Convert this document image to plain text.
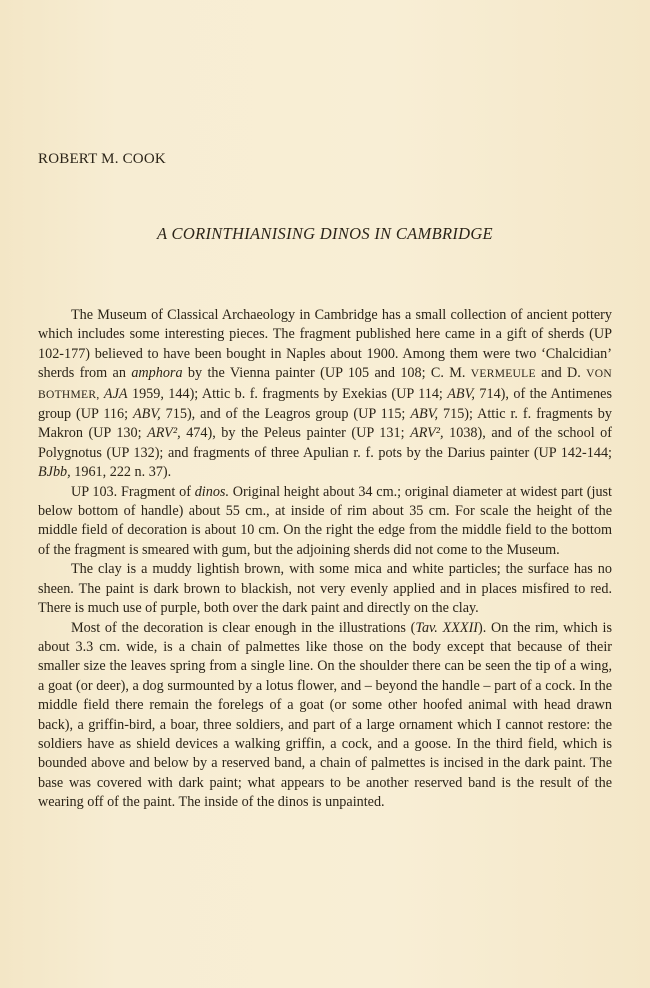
ROBERT M. COOK
A CORINTHIANISING DINOS IN CAMBRIDGE

The Museum of Classical Archaeology in Cambridge has a small collection of ancient pottery which includes some interesting pieces. The fragment published here came in a gift of sherds (UP 102-177) believed to have been bought in Naples about 1900. Among them were two ‘Chalcidian’ sherds from an amphora by the Vienna painter (UP 105 and 108; C. M. VERMEULE and D. VON BOTHMER, AJA 1959, 144); Attic b. f. fragments by Exekias (UP 114; ABV, 714), of the Antimenes group (UP 116; ABV, 715), and of the Leagros group (UP 115; ABV, 715); Attic r. f. fragments by Makron (UP 130; ARV², 474), by the Peleus painter (UP 131; ARV², 1038), and of the school of Polygnotus (UP 132); and fragments of three Apulian r. f. pots by the Darius painter (UP 142-144; BJbb, 1961, 222 n. 37).

UP 103. Fragment of dinos. Original height about 34 cm.; original diameter at widest part (just below bottom of handle) about 55 cm., at inside of rim about 35 cm. For scale the height of the middle field of decoration is about 10 cm. On the right the edge from the middle field to the bottom of the fragment is smeared with gum, but the adjoining sherds did not come to the Museum.

The clay is a muddy lightish brown, with some mica and white particles; the surface has no sheen. The paint is dark brown to blackish, not very evenly applied and in places misfired to red. There is much use of purple, both over the dark paint and directly on the clay.

Most of the decoration is clear enough in the illustrations (Tav. XXXII). On the rim, which is about 3.3 cm. wide, is a chain of palmettes like those on the body except that because of their smaller size the leaves spring from a single line. On the shoulder there can be seen the tip of a wing, a goat (or deer), a dog surmounted by a lotus flower, and – beyond the handle – part of a cock. In the middle field there remain the forelegs of a goat (or some other hoofed animal with head drawn back), a griffin-bird, a boar, three soldiers, and part of a large ornament which I cannot restore: the soldiers have as shield devices a walking griffin, a cock, and a goose. In the third field, which is bounded above and below by a reserved band, a chain of palmettes is incised in the dark paint. The base was covered with dark paint; what appears to be another reserved band is the result of the wearing off of the paint. The inside of the dinos is unpainted.
